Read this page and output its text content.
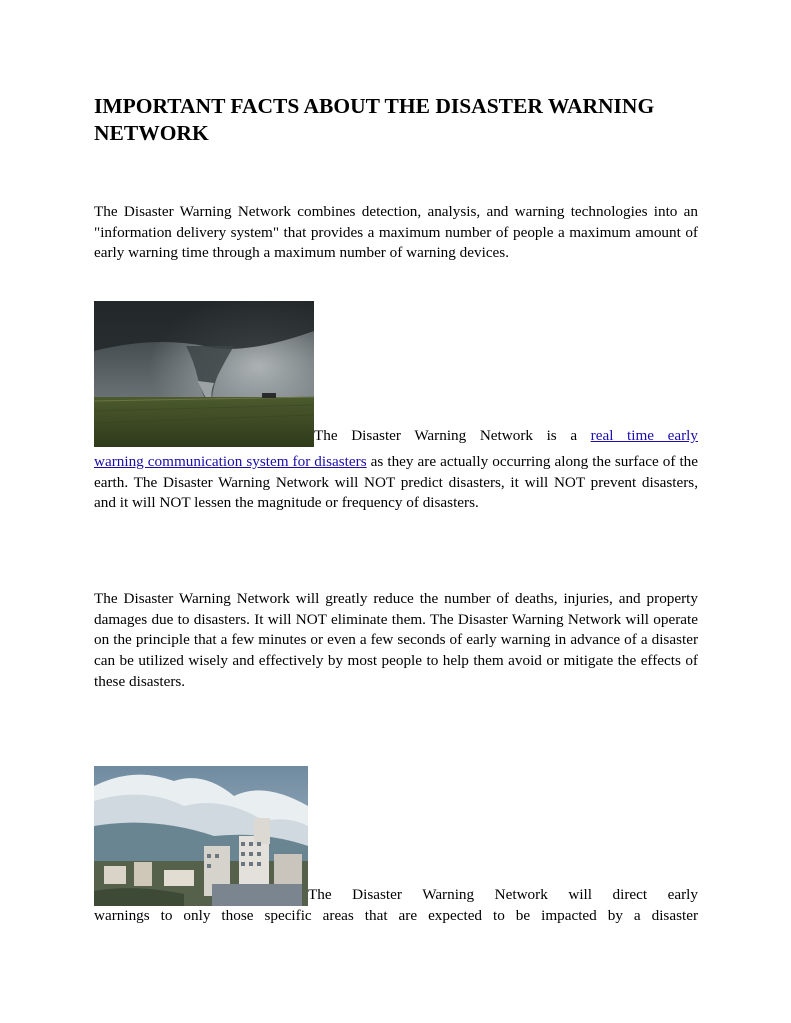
IMPORTANT FACTS ABOUT THE DISASTER WARNING NETWORK

The Disaster Warning Network combines detection, analysis, and warning technologies into an "information delivery system" that provides a maximum number of people a maximum amount of early warning time through a maximum number of warning devices.

The Disaster Warning Network is a real time early

warning communication system for disasters as they are actually occurring along the surface of the earth. The Disaster Warning Network will NOT predict disasters, it will NOT prevent disasters, and it will NOT lessen the magnitude or frequency of disasters.

The Disaster Warning Network will greatly reduce the number of deaths, injuries, and property damages due to disasters. It will NOT eliminate them. The Disaster Warning Network will operate on the principle that a few minutes or even a few seconds of early warning in advance of a disaster can be utilized wisely and effectively by most people to help them avoid or mitigate the effects of these disasters.

The Disaster Warning Network will direct early

warnings to only those specific areas that are expected to be impacted by a disaster
